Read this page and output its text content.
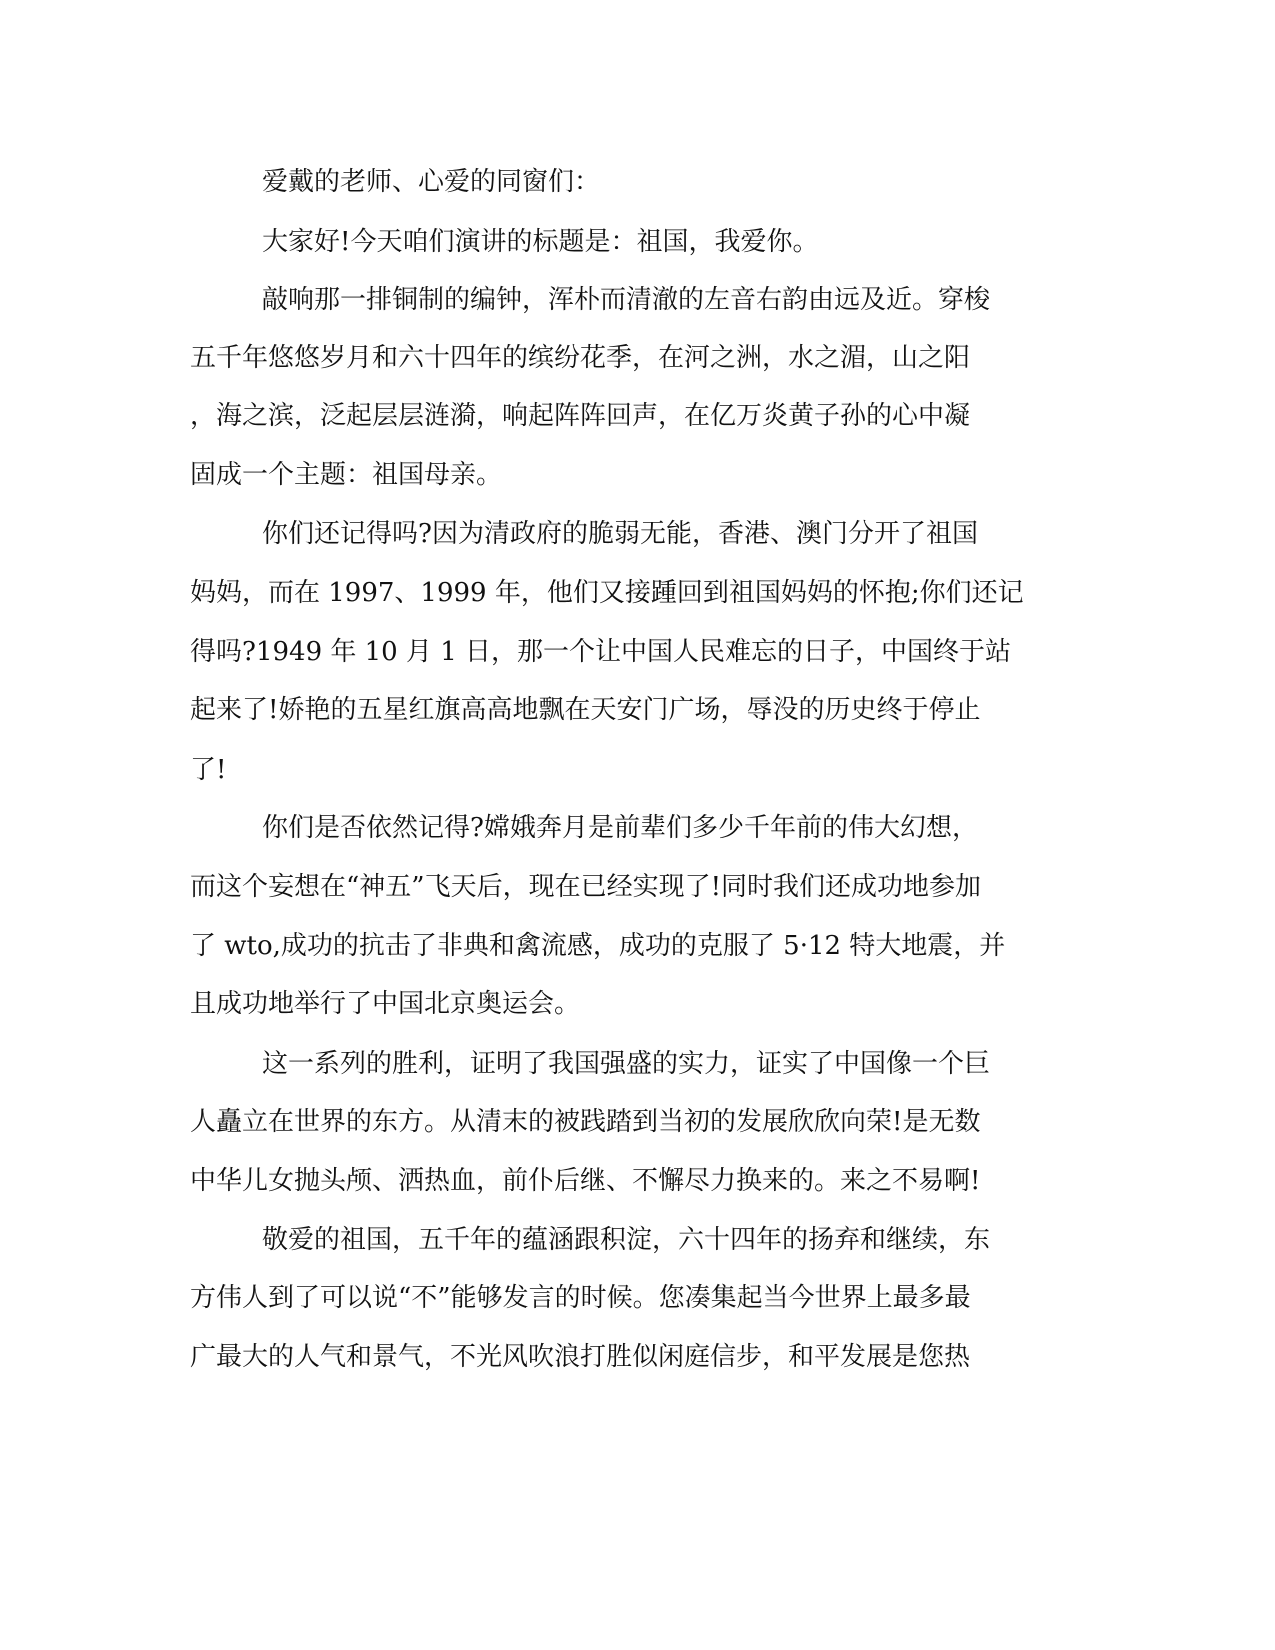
爱戴的老师、心爱的同窗们：
大家好!今天咱们演讲的标题是：祖国，我爱你。
敲响那一排铜制的编钟，浑朴而清澈的左音右韵由远及近。穿梭
五千年悠悠岁月和六十四年的缤纷花季，在河之洲，水之湄，山之阳
，海之滨，泛起层层涟漪，响起阵阵回声，在亿万炎黄子孙的心中凝
固成一个主题：祖国母亲。
你们还记得吗?因为清政府的脆弱无能，香港、澳门分开了祖国
妈妈，而在 1997、1999 年，他们又接踵回到祖国妈妈的怀抱;你们还记
得吗?1949 年 10 月 1 日，那一个让中国人民难忘的日子，中国终于站
起来了!娇艳的五星红旗高高地飘在天安门广场，辱没的历史终于停止
了!
你们是否依然记得?嫦娥奔月是前辈们多少千年前的伟大幻想，
而这个妄想在“神五”飞天后，现在已经实现了!同时我们还成功地参加
了 wto,成功的抗击了非典和禽流感，成功的克服了 5·12 特大地震，并
且成功地举行了中国北京奥运会。
这一系列的胜利，证明了我国强盛的实力，证实了中国像一个巨
人矗立在世界的东方。从清末的被践踏到当初的发展欣欣向荣!是无数
中华儿女抛头颅、洒热血，前仆后继、不懈尽力换来的。来之不易啊!
敬爱的祖国，五千年的蕴涵跟积淀，六十四年的扬弃和继续，东
方伟人到了可以说“不”能够发言的时候。您凑集起当今世界上最多最
广最大的人气和景气，不光风吹浪打胜似闲庭信步，和平发展是您热
